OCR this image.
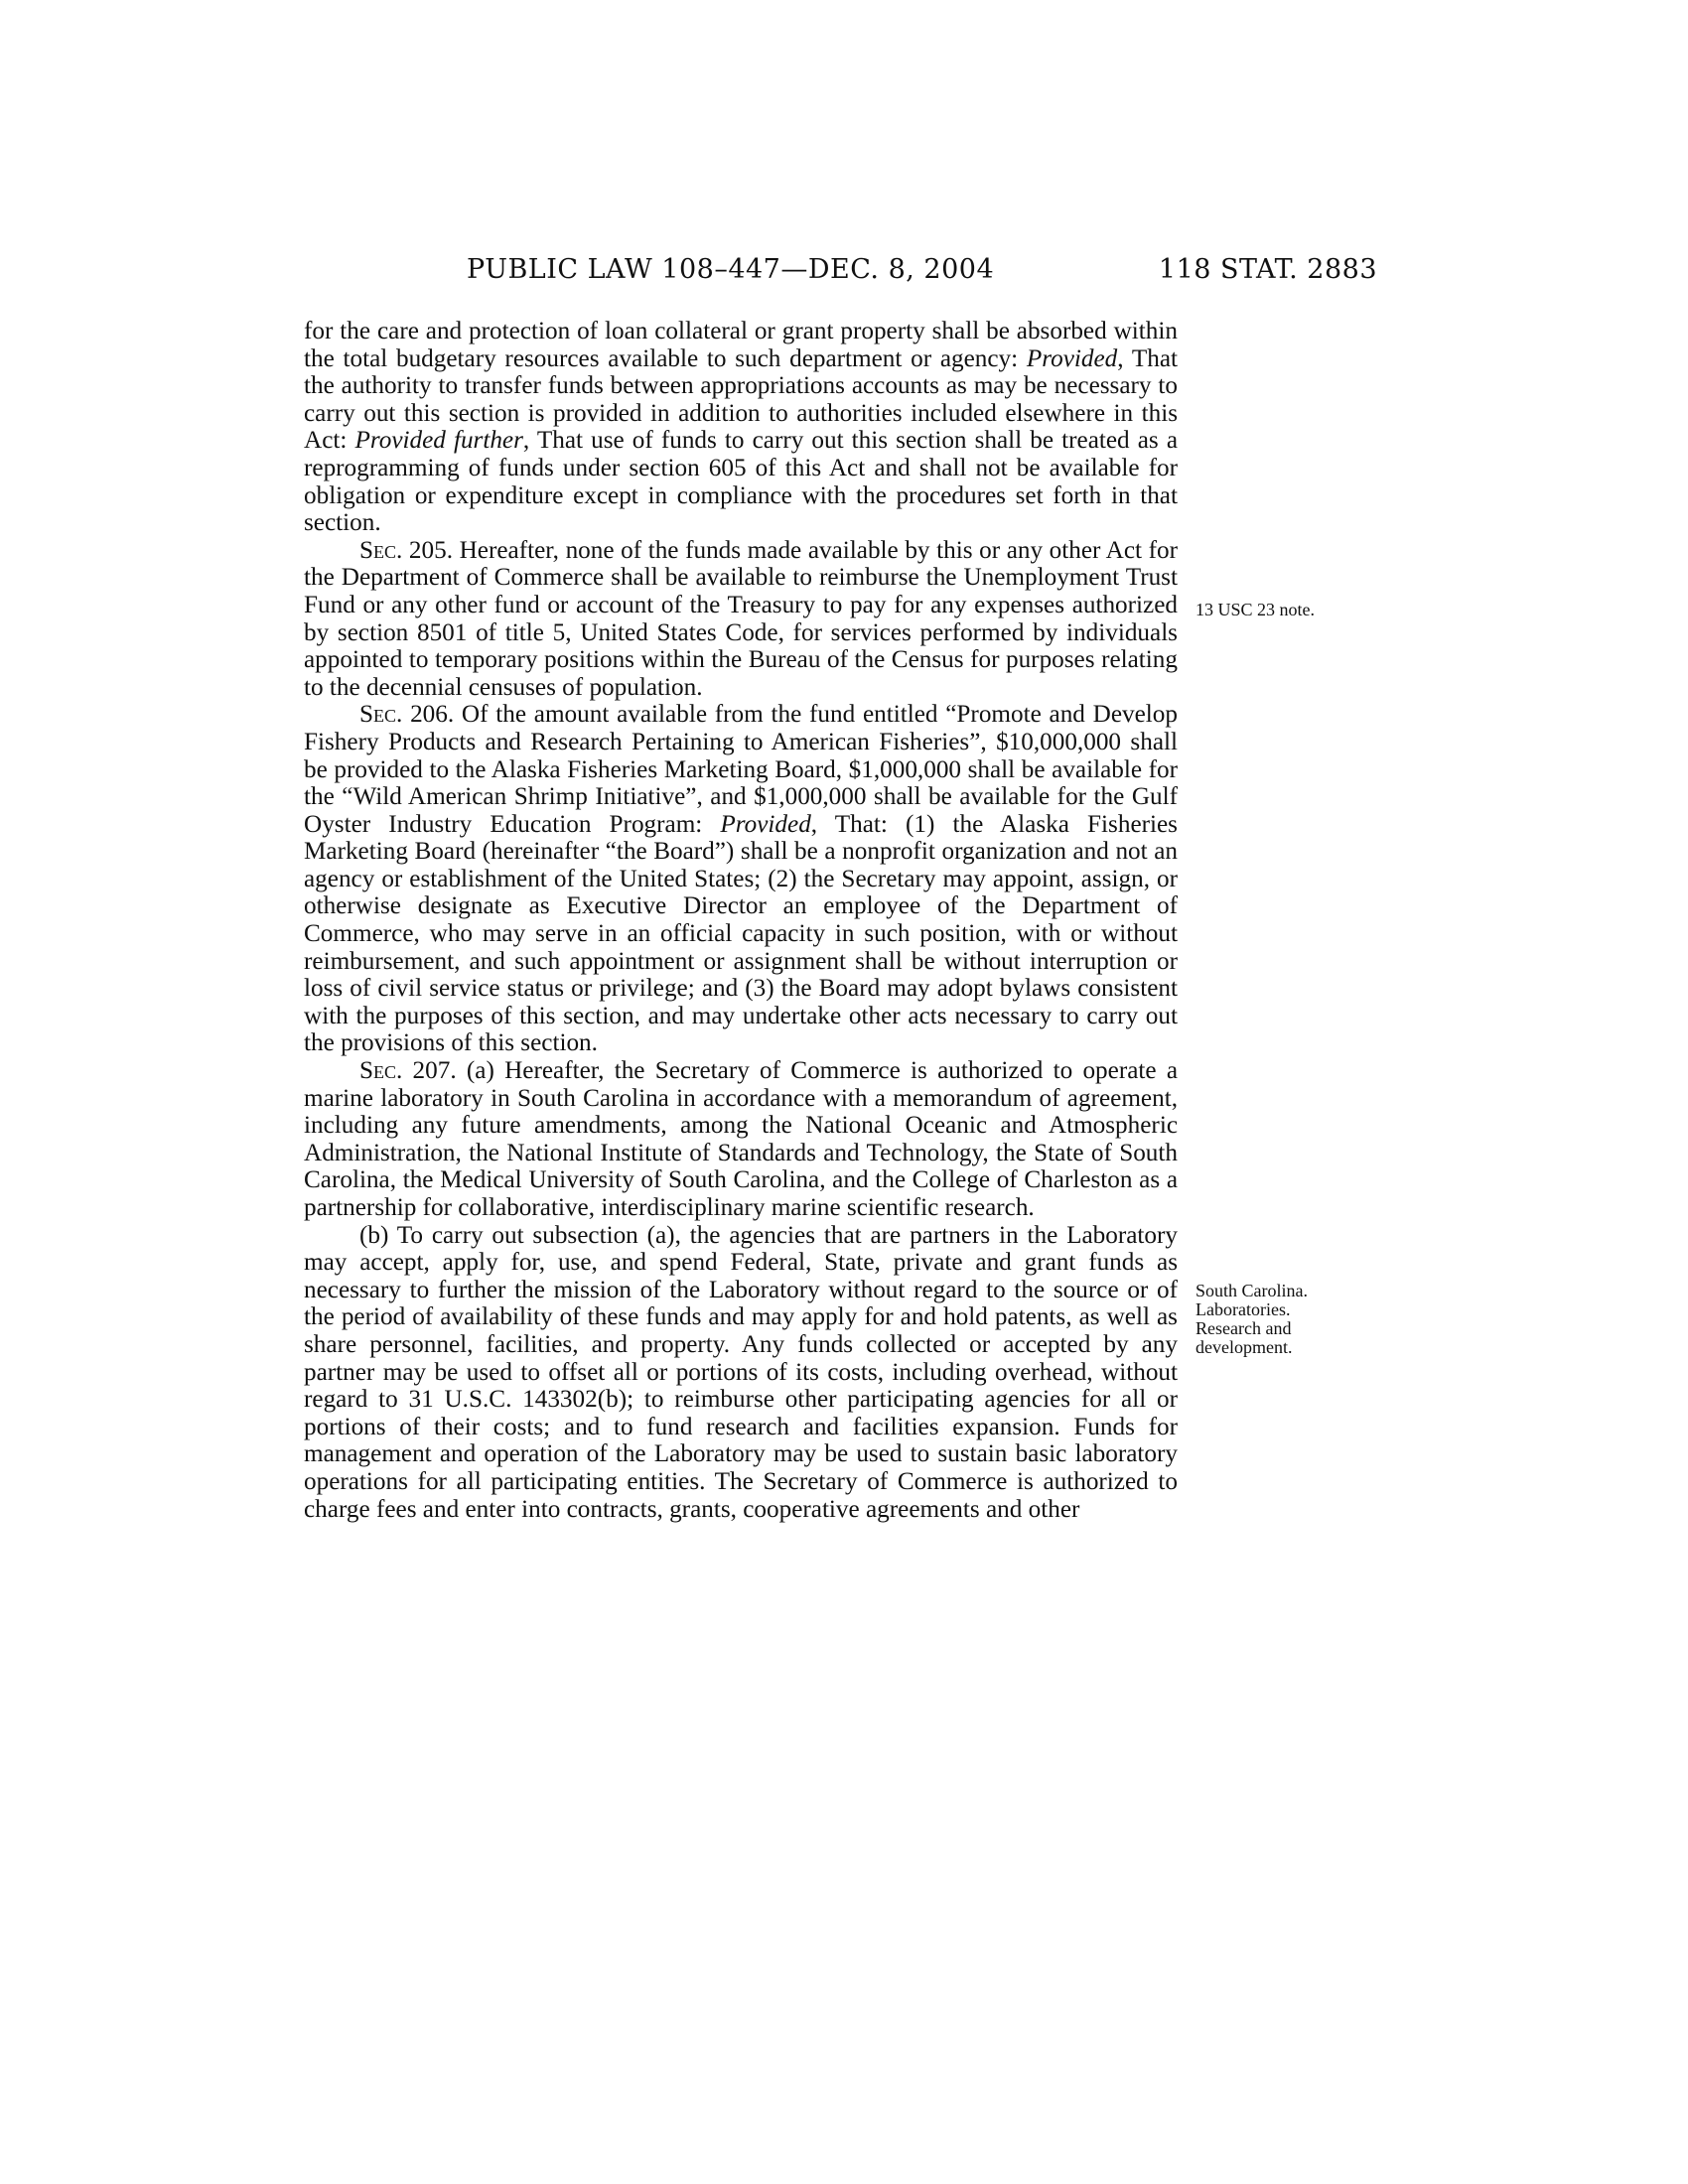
PUBLIC LAW 108–447—DEC. 8, 2004	118 STAT. 2883

for the care and protection of loan collateral or grant property shall be absorbed within the total budgetary resources available to such department or agency: Provided, That the authority to transfer funds between appropriations accounts as may be necessary to carry out this section is provided in addition to authorities included elsewhere in this Act: Provided further, That use of funds to carry out this section shall be treated as a reprogramming of funds under section 605 of this Act and shall not be available for obligation or expenditure except in compliance with the procedures set forth in that section.

Sec. 205. Hereafter, none of the funds made available by this or any other Act for the Department of Commerce shall be available to reimburse the Unemployment Trust Fund or any other fund or account of the Treasury to pay for any expenses authorized by section 8501 of title 5, United States Code, for services performed by individuals appointed to temporary positions within the Bureau of the Census for purposes relating to the decennial censuses of population.

Sec. 206. Of the amount available from the fund entitled “Promote and Develop Fishery Products and Research Pertaining to American Fisheries”, $10,000,000 shall be provided to the Alaska Fisheries Marketing Board, $1,000,000 shall be available for the “Wild American Shrimp Initiative”, and $1,000,000 shall be available for the Gulf Oyster Industry Education Program: Provided, That: (1) the Alaska Fisheries Marketing Board (hereinafter “the Board”) shall be a nonprofit organization and not an agency or establishment of the United States; (2) the Secretary may appoint, assign, or otherwise designate as Executive Director an employee of the Department of Commerce, who may serve in an official capacity in such position, with or without reimbursement, and such appointment or assignment shall be without interruption or loss of civil service status or privilege; and (3) the Board may adopt bylaws consistent with the purposes of this section, and may undertake other acts necessary to carry out the provisions of this section.

Sec. 207. (a) Hereafter, the Secretary of Commerce is authorized to operate a marine laboratory in South Carolina in accordance with a memorandum of agreement, including any future amendments, among the National Oceanic and Atmospheric Administration, the National Institute of Standards and Technology, the State of South Carolina, the Medical University of South Carolina, and the College of Charleston as a partnership for collaborative, interdisciplinary marine scientific research.

(b) To carry out subsection (a), the agencies that are partners in the Laboratory may accept, apply for, use, and spend Federal, State, private and grant funds as necessary to further the mission of the Laboratory without regard to the source or of the period of availability of these funds and may apply for and hold patents, as well as share personnel, facilities, and property. Any funds collected or accepted by any partner may be used to offset all or portions of its costs, including overhead, without regard to 31 U.S.C. 143302(b); to reimburse other participating agencies for all or portions of their costs; and to fund research and facilities expansion. Funds for management and operation of the Laboratory may be used to sustain basic laboratory operations for all participating entities. The Secretary of Commerce is authorized to charge fees and enter into contracts, grants, cooperative agreements and other

13 USC 23 note.
South Carolina.
Laboratories.
Research and
development.
